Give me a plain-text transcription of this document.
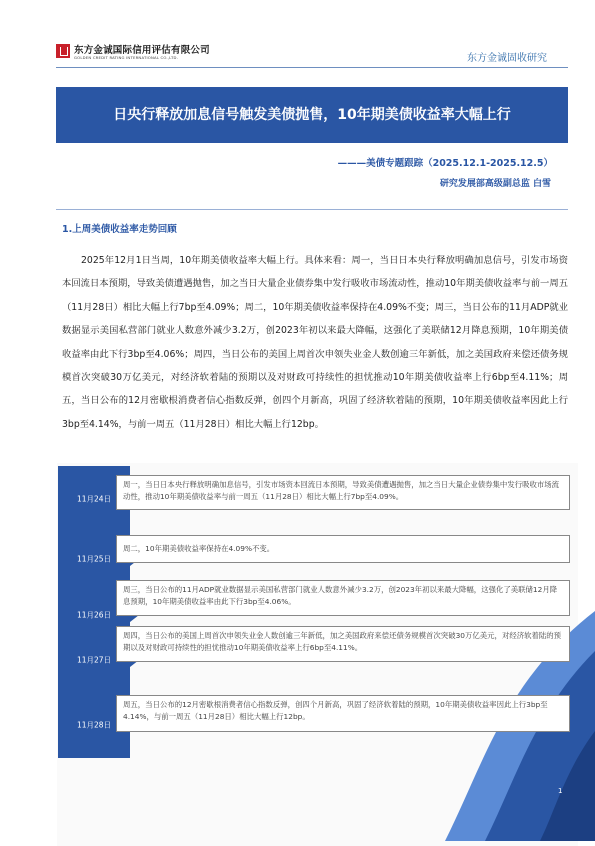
东方金诚国际信用评估有限公司
GOLDEN CREDIT RATING INTERNATIONAL CO.,LTD.	东方金诚固收研究
日央行释放加息信号触发美债抛售，10年期美债收益率大幅上行
———美债专题跟踪（2025.12.1-2025.12.5）
研究发展部高级副总监 白雪
1.上周美债收益率走势回顾

2025年12月1日当周，10年期美债收益率大幅上行。具体来看：周一，当日日本央行释放明确加息信号，引发市场资本回流日本预期，导致美债遭遇抛售，加之当日大量企业债券集中发行吸收市场流动性，推动10年期美债收益率与前一周五（11月28日）相比大幅上行7bp至4.09%；周二，10年期美债收益率保持在4.09%不变；周三，当日公布的11月ADP就业数据显示美国私营部门就业人数意外减少3.2万，创2023年初以来最大降幅，这强化了美联储12月降息预期，10年期美债收益率由此下行3bp至4.06%；周四，当日公布的美国上周首次申领失业金人数创逾三年新低，加之美国政府来偿还债务规模首次突破30万亿美元，对经济软着陆的预期以及对财政可持续性的担忧推动10年期美债收益率上行6bp至4.11%；周五，当日公布的12月密歇根消费者信心指数反弹，创四个月新高，巩固了经济软着陆的预期，10年期美债收益率因此上行3bp至4.14%，与前一周五（11月28日）相比大幅上行12bp。

1
11月24日
周一，当日日本央行释放明确加息信号，引发市场资本回流日本预期，导致美债遭遇抛售，加之当日大量企业债券集中发行吸收市场流动性，推动10年期美债收益率与前一周五（11月28日）相比大幅上行7bp至4.09%。
11月25日
周二，10年期美债收益率保持在4.09%不变。
11月26日
周三，当日公布的11月ADP就业数据显示美国私营部门就业人数意外减少3.2万，创2023年初以来最大降幅，这强化了美联储12月降息预期，10年期美债收益率由此下行3bp至4.06%。
11月27日
周四，当日公布的美国上周首次申领失业金人数创逾三年新低，加之美国政府来偿还债务规模首次突破30万亿美元，对经济软着陆的预期以及对财政可持续性的担忧推动10年期美债收益率上行6bp至4.11%。
11月28日
周五，当日公布的12月密歇根消费者信心指数反弹，创四个月新高，巩固了经济软着陆的预期，10年期美债收益率因此上行3bp至4.14%，与前一周五（11月28日）相比大幅上行12bp。
